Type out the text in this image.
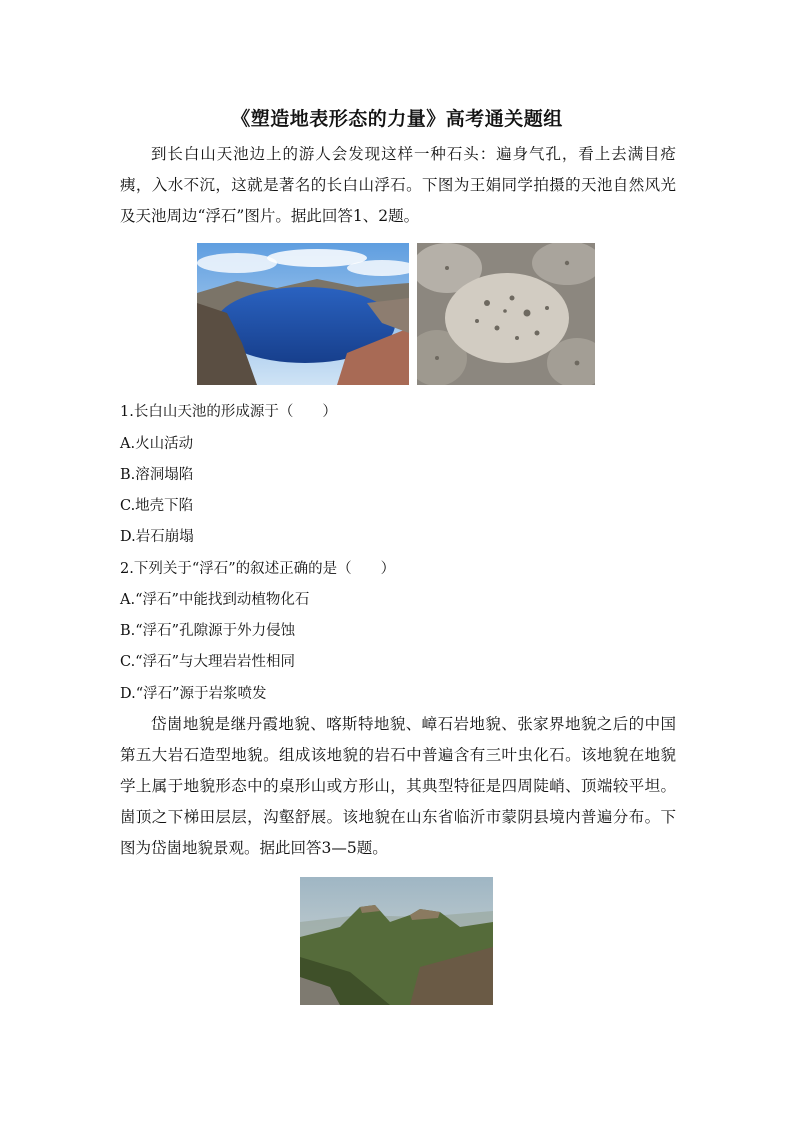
《塑造地表形态的力量》高考通关题组

到长白山天池边上的游人会发现这样一种石头：遍身气孔，看上去满目疮痍，入水不沉，这就是著名的长白山浮石。下图为王娟同学拍摄的天池自然风光及天池周边“浮石”图片。据此回答1、2题。

1.长白山天池的形成源于（　　）
A.火山活动
B.溶洞塌陷
C.地壳下陷
D.岩石崩塌
2.下列关于“浮石”的叙述正确的是（　　）
A.“浮石”中能找到动植物化石
B.“浮石”孔隙源于外力侵蚀
C.“浮石”与大理岩岩性相同
D.“浮石”源于岩浆喷发

岱崮地貌是继丹霞地貌、喀斯特地貌、嶂石岩地貌、张家界地貌之后的中国第五大岩石造型地貌。组成该地貌的岩石中普遍含有三叶虫化石。该地貌在地貌学上属于地貌形态中的桌形山或方形山，其典型特征是四周陡峭、顶端较平坦。崮顶之下梯田层层，沟壑舒展。该地貌在山东省临沂市蒙阴县境内普遍分布。下图为岱崮地貌景观。据此回答3—5题。
